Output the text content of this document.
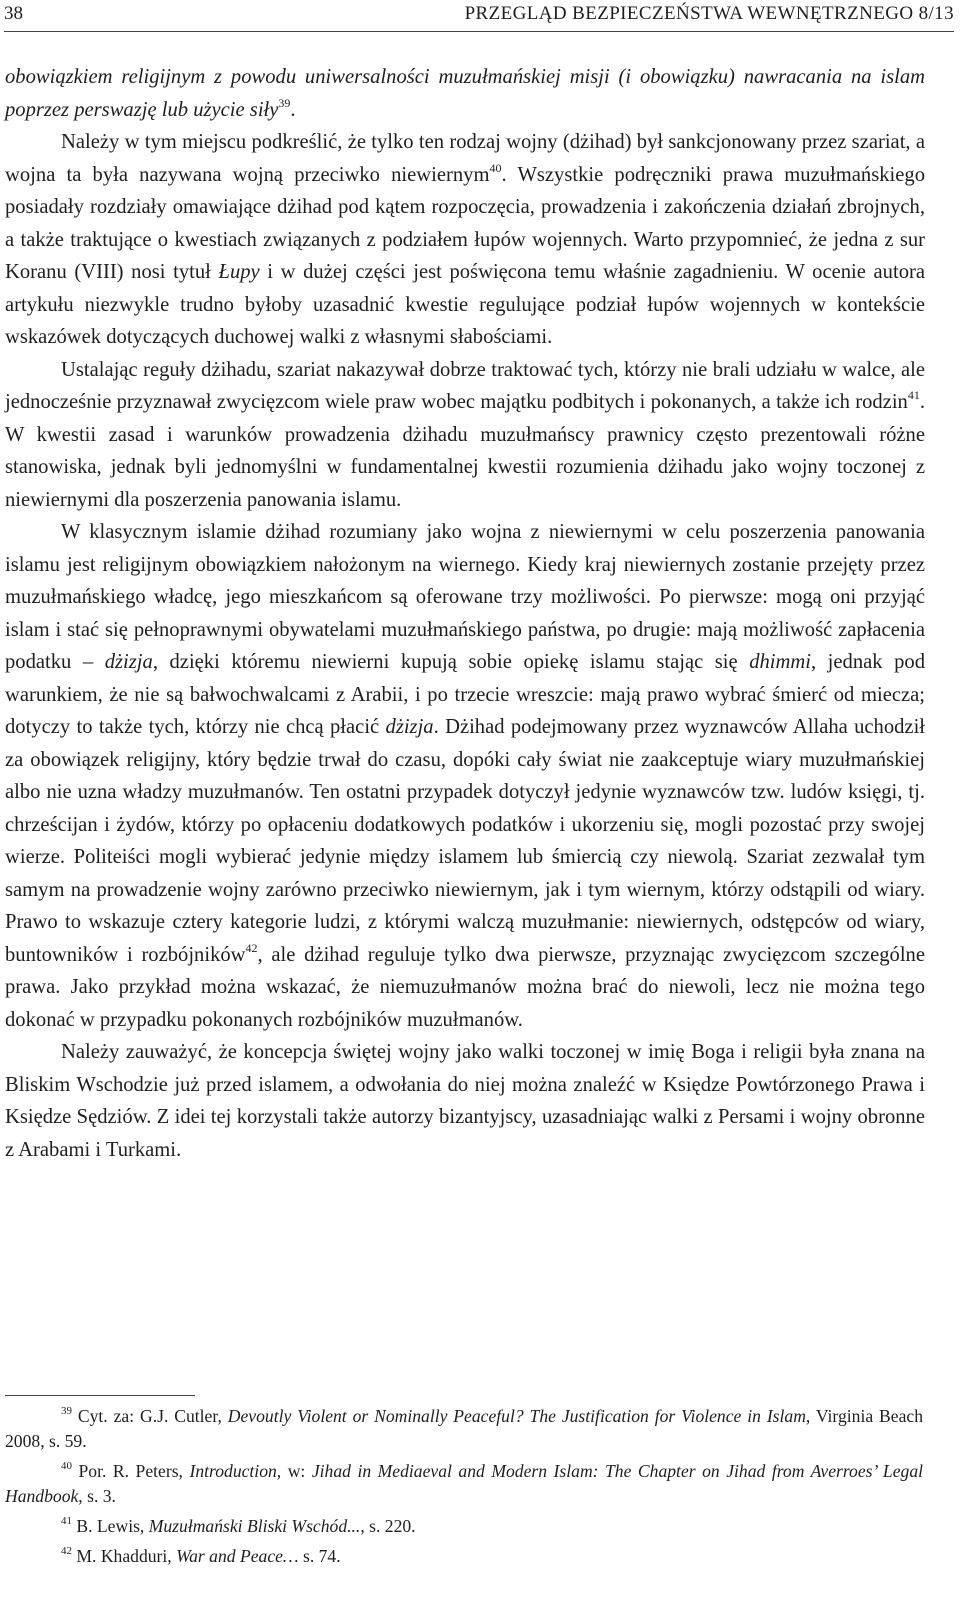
38	PRZEGLĄD BEZPIECZEŃSTWA WEWNĘTRZNEGO 8/13

obowiązkiem religijnym z powodu uniwersalności muzułmańskiej misji (i obowiązku) nawracania na islam poprzez perswazję lub użycie siły$^{39}$.

Należy w tym miejscu podkreślić, że tylko ten rodzaj wojny (dżihad) był sankcjonowany przez szariat, a wojna ta była nazywana wojną przeciwko niewiernym$^{40}$. Wszystkie podręczniki prawa muzułmańskiego posiadały rozdziały omawiające dżihad pod kątem rozpoczęcia, prowadzenia i zakończenia działań zbrojnych, a także traktujące o kwestiach związanych z podziałem łupów wojennych. Warto przypomnieć, że jedna z sur Koranu (VIII) nosi tytuł Łupy i w dużej części jest poświęcona temu właśnie zagadnieniu. W ocenie autora artykułu niezwykle trudno byłoby uzasadnić kwestie regulujące podział łupów wojennych w kontekście wskazówek dotyczących duchowej walki z własnymi słabościami.

Ustalając reguły dżihadu, szariat nakazywał dobrze traktować tych, którzy nie brali udziału w walce, ale jednocześnie przyznawał zwycięzcom wiele praw wobec majątku podbitych i pokonanych, a także ich rodzin$^{41}$. W kwestii zasad i warunków prowadzenia dżihadu muzułmańscy prawnicy często prezentowali różne stanowiska, jednak byli jednomyślni w fundamentalnej kwestii rozumienia dżihadu jako wojny toczonej z niewiernymi dla poszerzenia panowania islamu.

W klasycznym islamie dżihad rozumiany jako wojna z niewiernymi w celu poszerzenia panowania islamu jest religijnym obowiązkiem nałożonym na wiernego. Kiedy kraj niewiernych zostanie przejęty przez muzułmańskiego władcę, jego mieszkańcom są oferowane trzy możliwości. Po pierwsze: mogą oni przyjąć islam i stać się pełnoprawnymi obywatelami muzułmańskiego państwa, po drugie: mają możliwość zapłacenia podatku – dżizja, dzięki któremu niewierni kupują sobie opiekę islamu stając się dhimmi, jednak pod warunkiem, że nie są bałwochwalcami z Arabii, i po trzecie wreszcie: mają prawo wybrać śmierć od miecza; dotyczy to także tych, którzy nie chcą płacić dżizja. Dżihad podejmowany przez wyznawców Allaha uchodził za obowiązek religijny, który będzie trwał do czasu, dopóki cały świat nie zaakceptuje wiary muzułmańskiej albo nie uzna władzy muzułmanów. Ten ostatni przypadek dotyczył jedynie wyznawców tzw. ludów księgi, tj. chrześcijan i żydów, którzy po opłaceniu dodatkowych podatków i ukorzeniu się, mogli pozostać przy swojej wierze. Politeiści mogli wybierać jedynie między islamem lub śmiercią czy niewolą. Szariat zezwalał tym samym na prowadzenie wojny zarówno przeciwko niewiernym, jak i tym wiernym, którzy odstąpili od wiary. Prawo to wskazuje cztery kategorie ludzi, z którymi walczą muzułmanie: niewiernych, odstępców od wiary, buntowników i rozbójników$^{42}$, ale dżihad reguluje tylko dwa pierwsze, przyznając zwycięzcom szczególne prawa. Jako przykład można wskazać, że niemuzułmanów można brać do niewoli, lecz nie można tego dokonać w przypadku pokonanych rozbójników muzułmanów.

Należy zauważyć, że koncepcja świętej wojny jako walki toczonej w imię Boga i religii była znana na Bliskim Wschodzie już przed islamem, a odwołania do niej można znaleźć w Księdze Powtórzonego Prawa i Księdze Sędziów. Z idei tej korzystali także autorzy bizantyjscy, uzasadniając walki z Persami i wojny obronne z Arabami i Turkami.

$^{39}$ Cyt. za: G.J. Cutler, Devoutly Violent or Nominally Peaceful? The Justification for Violence in Islam, Virginia Beach 2008, s. 59.

$^{40}$ Por. R. Peters, Introduction, w: Jihad in Mediaeval and Modern Islam: The Chapter on Jihad from Averroes’ Legal Handbook, s. 3.

$^{41}$ B. Lewis, Muzułmański Bliski Wschód..., s. 220.

$^{42}$ M. Khadduri, War and Peace… s. 74.
